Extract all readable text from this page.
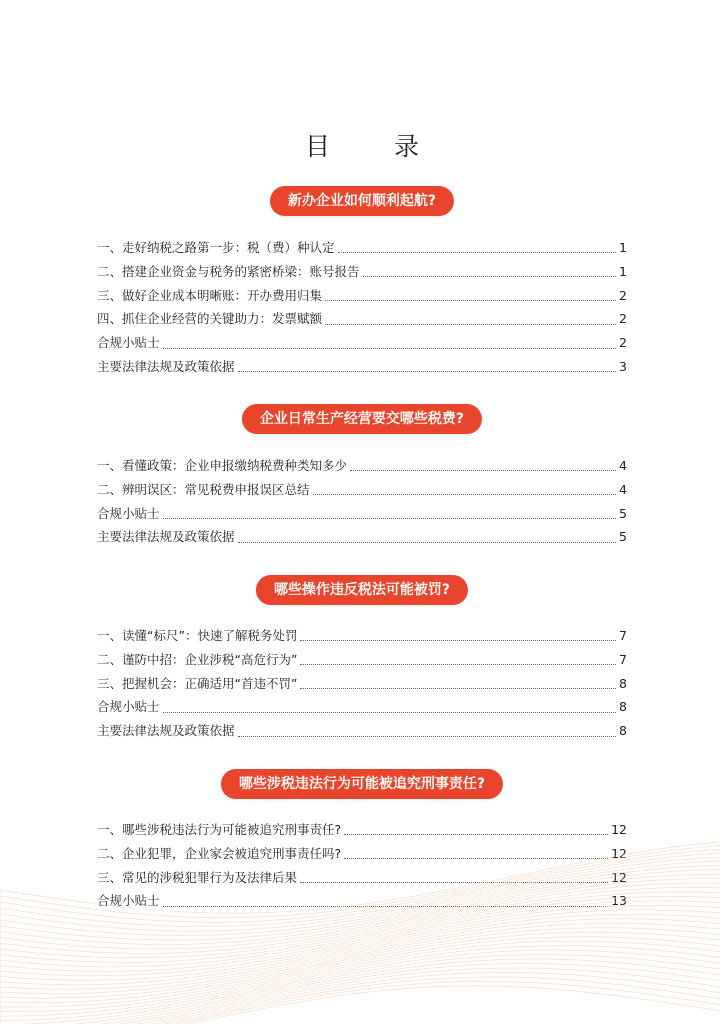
目 录
新办企业如何顺利起航?
一、走好纳税之路第一步：税（费）种认定	1
二、搭建企业资金与税务的紧密桥梁：账号报告	1
三、做好企业成本明晰账：开办费用归集	2
四、抓住企业经营的关键助力：发票赋额	2
合规小贴士	2
主要法律法规及政策依据	3
企业日常生产经营要交哪些税费?
一、看懂政策：企业申报缴纳税费种类知多少	4
二、辨明误区：常见税费申报误区总结	4
合规小贴士	5
主要法律法规及政策依据	5
哪些操作违反税法可能被罚?
一、读懂“标尺”：快速了解税务处罚	7
二、谨防中招：企业涉税“高危行为”	7
三、把握机会：正确适用“首违不罚”	8
合规小贴士	8
主要法律法规及政策依据	8
哪些涉税违法行为可能被追究刑事责任?
一、哪些涉税违法行为可能被追究刑事责任?	12
二、企业犯罪，企业家会被追究刑事责任吗?	12
三、常见的涉税犯罪行为及法律后果	12
合规小贴士	13
